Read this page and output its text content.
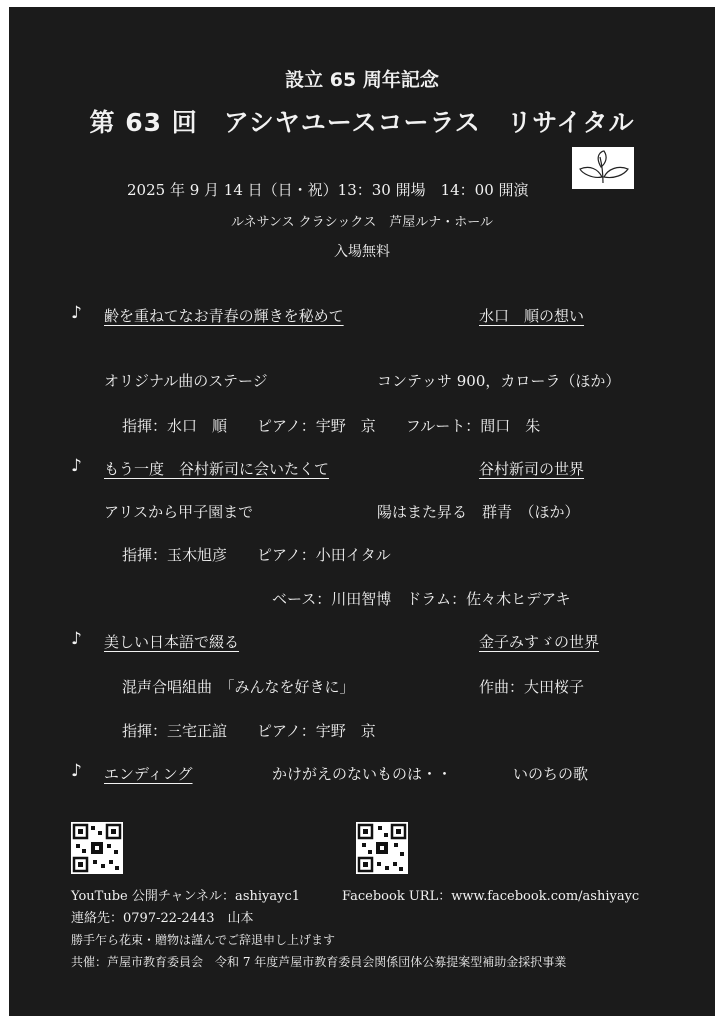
設立 65 周年記念
第 63 回　アシヤユースコーラス　リサイタル
2025 年 9 月 14 日（日・祝）13：30 開場　14：00 開演
ルネサンス クラシックス　芦屋ルナ・ホール
入場無料
♪ 齢を重ねてなお青春の輝きを秘めて	水口　順の想い
オリジナル曲のステージ	コンテッサ 900，カローラ（ほか）
指揮：水口　順　　ピアノ：宇野　京　　フルート：間口　朱
♪ もう一度　谷村新司に会いたくて	谷村新司の世界
アリスから甲子園まで	陽はまた昇る　群青　（ほか）
指揮：玉木旭彦　　ピアノ：小田イタル
ベース：川田智博　ドラム：佐々木ヒデアキ
♪ 美しい日本語で綴る	金子みすゞの世界
混声合唱組曲　「みんなを好きに」	作曲：大田桜子
指揮：三宅正誼　　ピアノ：宇野　京
♪ エンディング	かけがえのないものは・・	いのちの歌
YouTube 公開チャンネル：ashiyayc1	Facebook URL：www.facebook.com/ashiyayc
連絡先：0797-22-2443　山本
勝手乍ら花束・贈物は謹んでご辞退申し上げます
共催：芦屋市教育委員会　令和 7 年度芦屋市教育委員会関係団体公募提案型補助金採択事業
